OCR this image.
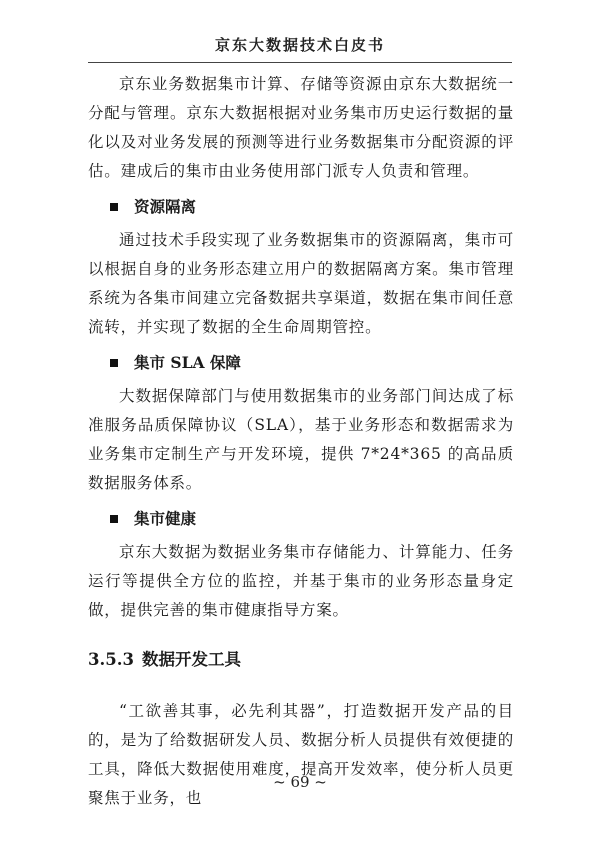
京东大数据技术白皮书

京东业务数据集市计算、存储等资源由京东大数据统一分配与管理。京东大数据根据对业务集市历史运行数据的量化以及对业务发展的预测等进行业务数据集市分配资源的评估。建成后的集市由业务使用部门派专人负责和管理。

资源隔离

通过技术手段实现了业务数据集市的资源隔离，集市可以根据自身的业务形态建立用户的数据隔离方案。集市管理系统为各集市间建立完备数据共享渠道，数据在集市间任意流转，并实现了数据的全生命周期管控。

集市 SLA 保障

大数据保障部门与使用数据集市的业务部门间达成了标准服务品质保障协议（SLA），基于业务形态和数据需求为业务集市定制生产与开发环境，提供 7*24*365 的高品质数据服务体系。

集市健康

京东大数据为数据业务集市存储能力、计算能力、任务运行等提供全方位的监控，并基于集市的业务形态量身定做，提供完善的集市健康指导方案。

3.5.3 数据开发工具

“工欲善其事，必先利其器”，打造数据开发产品的目的，是为了给数据研发人员、数据分析人员提供有效便捷的工具，降低大数据使用难度，提高开发效率，使分析人员更聚焦于业务，也

~ 69 ~
